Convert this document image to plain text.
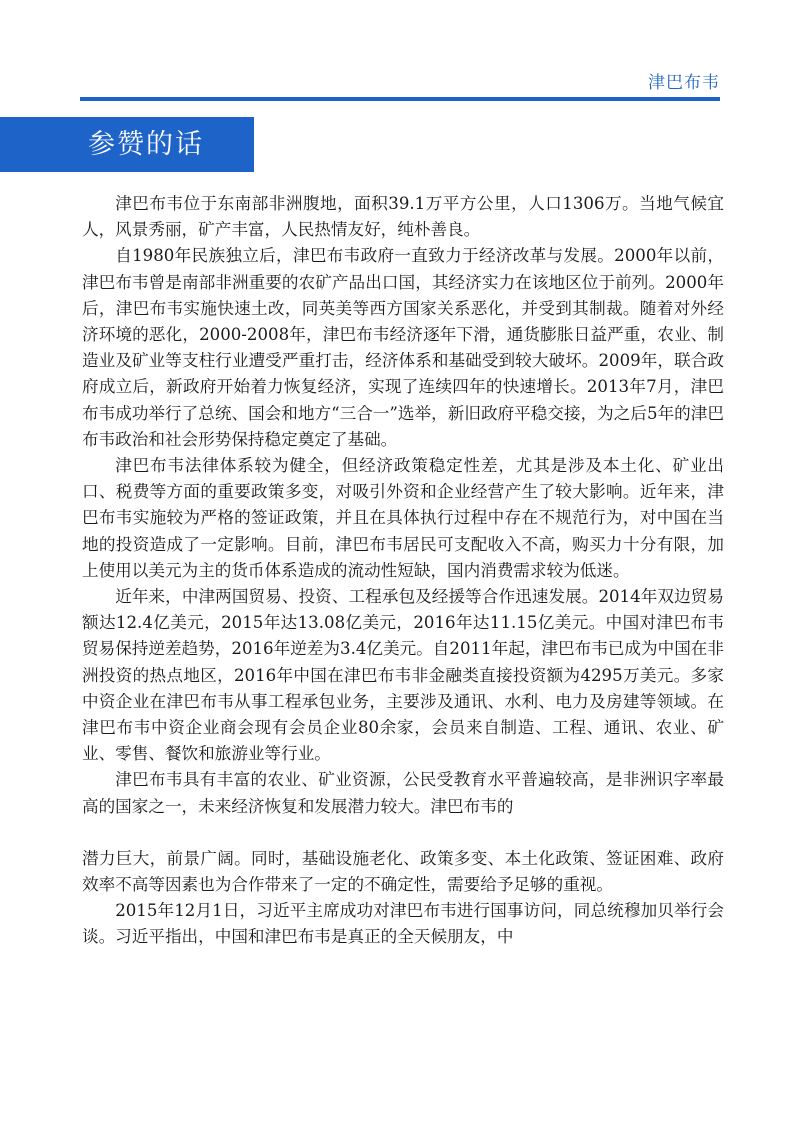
津巴布韦
参赞的话

津巴布韦位于东南部非洲腹地，面积39.1万平方公里，人口1306万。当地气候宜人，风景秀丽，矿产丰富，人民热情友好，纯朴善良。

自1980年民族独立后，津巴布韦政府一直致力于经济改革与发展。2000年以前，津巴布韦曾是南部非洲重要的农矿产品出口国，其经济实力在该地区位于前列。2000年后，津巴布韦实施快速土改，同英美等西方国家关系恶化，并受到其制裁。随着对外经济环境的恶化，2000-2008年，津巴布韦经济逐年下滑，通货膨胀日益严重，农业、制造业及矿业等支柱行业遭受严重打击，经济体系和基础受到较大破坏。2009年，联合政府成立后，新政府开始着力恢复经济，实现了连续四年的快速增长。2013年7月，津巴布韦成功举行了总统、国会和地方“三合一”选举，新旧政府平稳交接，为之后5年的津巴布韦政治和社会形势保持稳定奠定了基础。

津巴布韦法律体系较为健全，但经济政策稳定性差，尤其是涉及本土化、矿业出口、税费等方面的重要政策多变，对吸引外资和企业经营产生了较大影响。近年来，津巴布韦实施较为严格的签证政策，并且在具体执行过程中存在不规范行为，对中国在当地的投资造成了一定影响。目前，津巴布韦居民可支配收入不高，购买力十分有限，加上使用以美元为主的货币体系造成的流动性短缺，国内消费需求较为低迷。

近年来，中津两国贸易、投资、工程承包及经援等合作迅速发展。2014年双边贸易额达12.4亿美元，2015年达13.08亿美元，2016年达11.15亿美元。中国对津巴布韦贸易保持逆差趋势，2016年逆差为3.4亿美元。自2011年起，津巴布韦已成为中国在非洲投资的热点地区，2016年中国在津巴布韦非金融类直接投资额为4295万美元。多家中资企业在津巴布韦从事工程承包业务，主要涉及通讯、水利、电力及房建等领域。在津巴布韦中资企业商会现有会员企业80余家，会员来自制造、工程、通讯、农业、矿业、零售、餐饮和旅游业等行业。

津巴布韦具有丰富的农业、矿业资源，公民受教育水平普遍较高，是非洲识字率最高的国家之一，未来经济恢复和发展潜力较大。津巴布韦的

潜力巨大，前景广阔。同时，基础设施老化、政策多变、本土化政策、签证困难、政府效率不高等因素也为合作带来了一定的不确定性，需要给予足够的重视。

2015年12月1日，习近平主席成功对津巴布韦进行国事访问，同总统穆加贝举行会谈。习近平指出，中国和津巴布韦是真正的全天候朋友，中
